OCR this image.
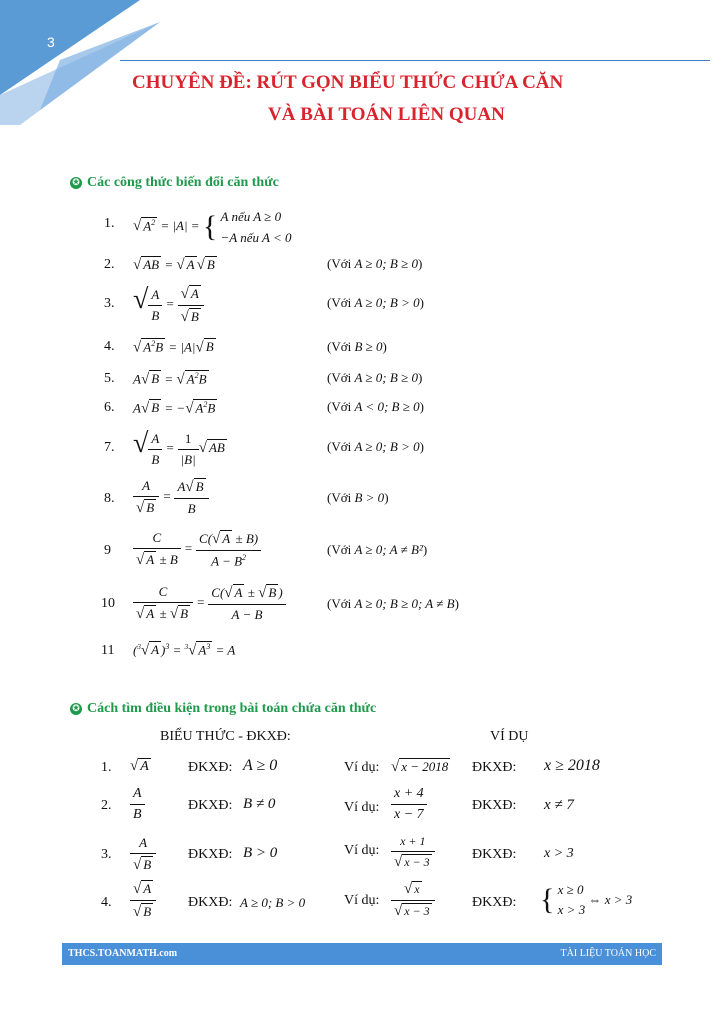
3
CHUYÊN ĐỀ: RÚT GỌN BIỂU THỨC CHỨA CĂN
VÀ BÀI TOÁN LIÊN QUAN
✪ Các công thức biến đổi căn thức
1. √ $A^2 = |A|$ = { A nếu A ≥ 0
−A nếu A < 0
2. √ AB = √ A √ B	(Với A ≥ 0; B ≥ 0)
3. √ $\frac{A}{B} = \frac{√ A}{√ B}$	(Với A ≥ 0; B > 0)
4. √ $A^2B = |A|√$ B	(Với B ≥ 0)
5. A√ B = √ $A^2B$	(Với A ≥ 0; B ≥ 0)
6. A√ B = −√ $A^2B$	(Với A < 0; B ≥ 0)
7. √ $\frac{A}{B} = \frac{1}{|B|}$ √ AB	(Với A ≥ 0; B > 0)
8. $\frac{A}{√ B} = \frac{A√ B}{B}$	(Với B > 0)
$9 \frac{C}{√ A \pm B} = \frac{C(√ A \pm B)}{A - B^2}$	(Với A ≥ 0; A ≠ B²)
$10 \frac{C}{√ A \pm √ B} = \frac{C(√ A \pm √ B )}{A - B}$	(Với A ≥ 0; B ≥ 0; A ≠ B)
11 ($^3$√ A )$^3$ = $^3$√ $A^3 = A$
✪ Cách tìm điều kiện trong bài toán chứa căn thức
BIỂU THỨC - ĐKXĐ:	VÍ DỤ
1. √ A	ĐKXĐ: A ≥ 0	Ví dụ: √ x − 2018 ĐKXĐ: x ≥ 2018
2. $\frac{A}{B}$	ĐKXĐ: B ≠ 0	Ví dụ: $\frac{x + 4}{x - 7}$	ĐKXĐ: x ≠ 7
3. $\frac{A}{√ B}$ ĐKXĐ: B > 0	Ví dụ: $\frac{x + 1}{√ x - 3}$	ĐKXĐ: x > 3
4. $\frac{√ A}{√ B}$ ĐKXĐ: A ≥ 0; B > 0	Ví dụ: $\frac{√ x}{√ x - 3}$	ĐKXĐ: { x ≥ 0
x > 3 ⇔ x > 3
THCS.TOANMATH.com	TÀI LIỆU TOÁN HỌC
